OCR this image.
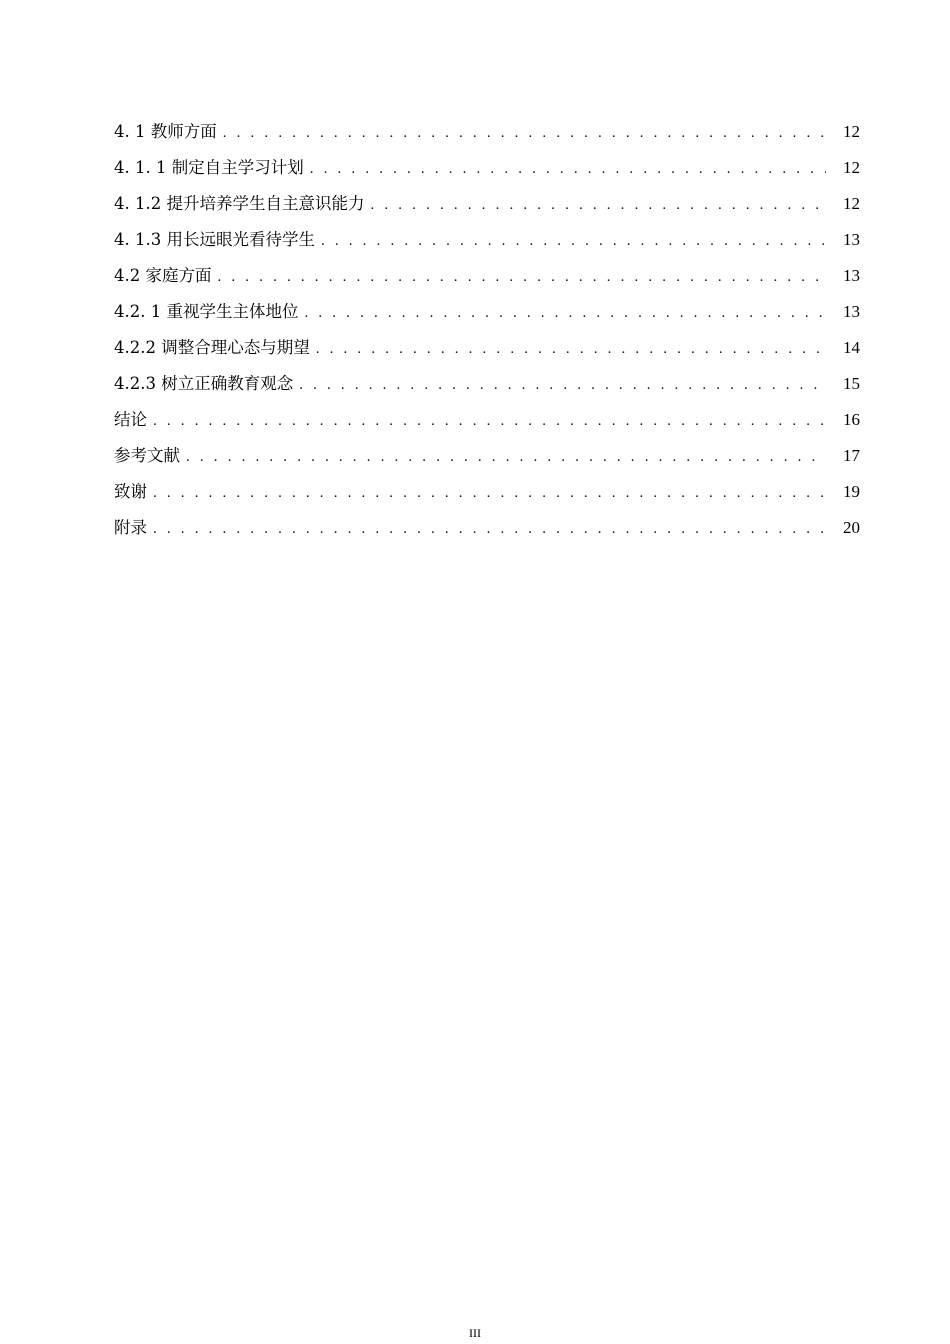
4. 1 教师方面 . . .	12
4. 1. 1 制定自主学习计划 . . .	12
4. 1.2 提升培养学生自主意识能力 . . .	12
4. 1.3 用长远眼光看待学生 . . .	13
4.2 家庭方面 . . .	13
4.2. 1 重视学生主体地位 . . .	13
4.2.2 调整合理心态与期望 . . .	14
4.2.3 树立正确教育观念 . . .	15
结论 . . .	16
参考文献 . . .	17
致谢 . . .	19
附录 . . .	20
III
